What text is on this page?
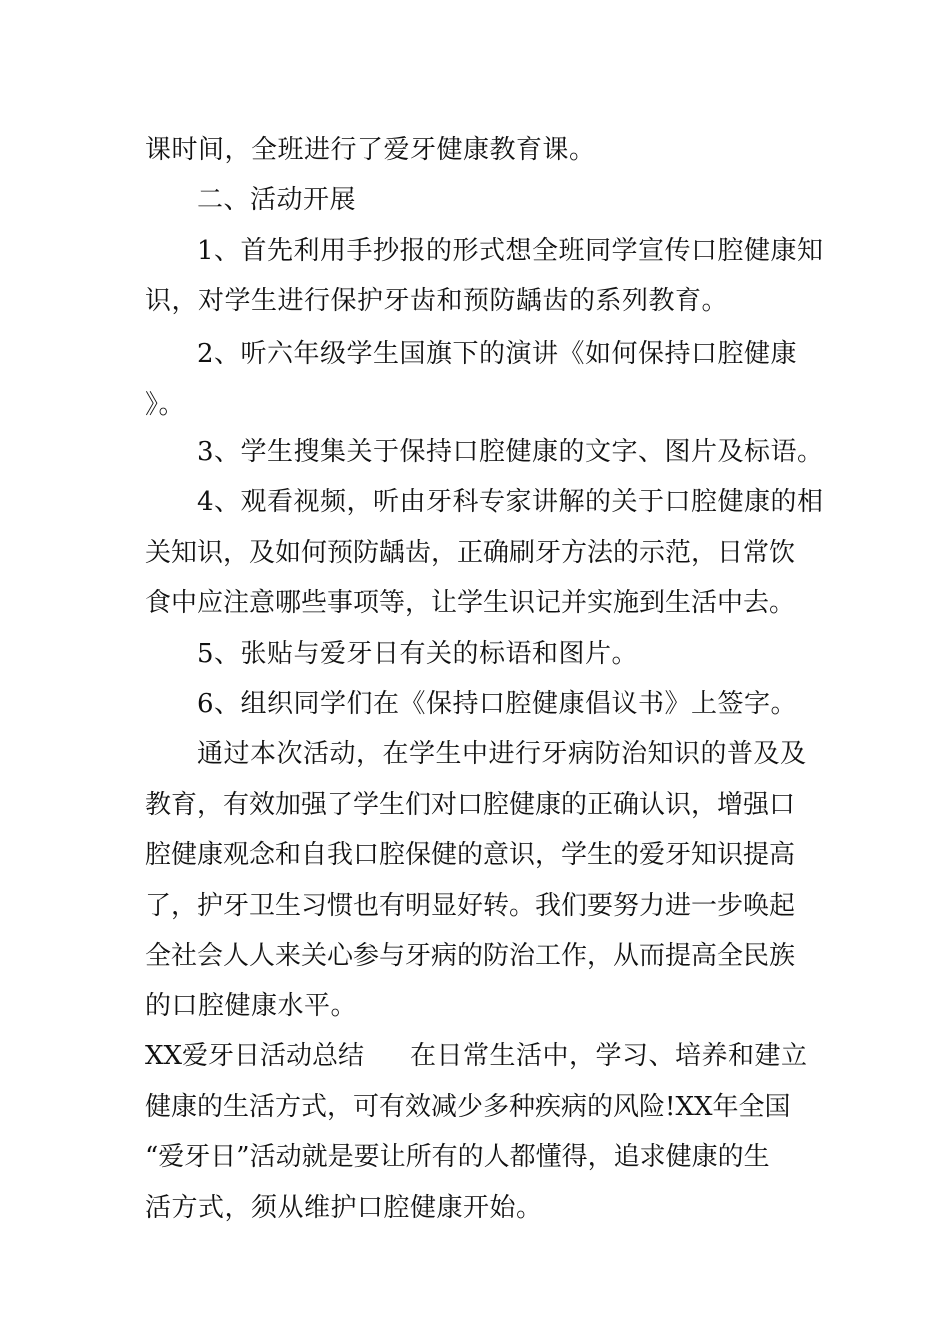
课时间，全班进行了爱牙健康教育课。

二、活动开展

1、首先利用手抄报的形式想全班同学宣传口腔健康知

识，对学生进行保护牙齿和预防龋齿的系列教育。

2、听六年级学生国旗下的演讲《如何保持口腔健康

》。

3、学生搜集关于保持口腔健康的文字、图片及标语。

4、观看视频，听由牙科专家讲解的关于口腔健康的相

关知识，及如何预防龋齿，正确刷牙方法的示范，日常饮

食中应注意哪些事项等，让学生识记并实施到生活中去。

5、张贴与爱牙日有关的标语和图片。

6、组织同学们在《保持口腔健康倡议书》上签字。

通过本次活动，在学生中进行牙病防治知识的普及及

教育，有效加强了学生们对口腔健康的正确认识，增强口

腔健康观念和自我口腔保健的意识，学生的爱牙知识提高

了，护牙卫生习惯也有明显好转。我们要努力进一步唤起

全社会人人来关心参与牙病的防治工作，从而提高全民族

的口腔健康水平。

XX爱牙日活动总结 在日常生活中，学习、培养和建立

健康的生活方式，可有效减少多种疾病的风险!XX年全国

“爱牙日”活动就是要让所有的人都懂得，追求健康的生

活方式，须从维护口腔健康开始。
